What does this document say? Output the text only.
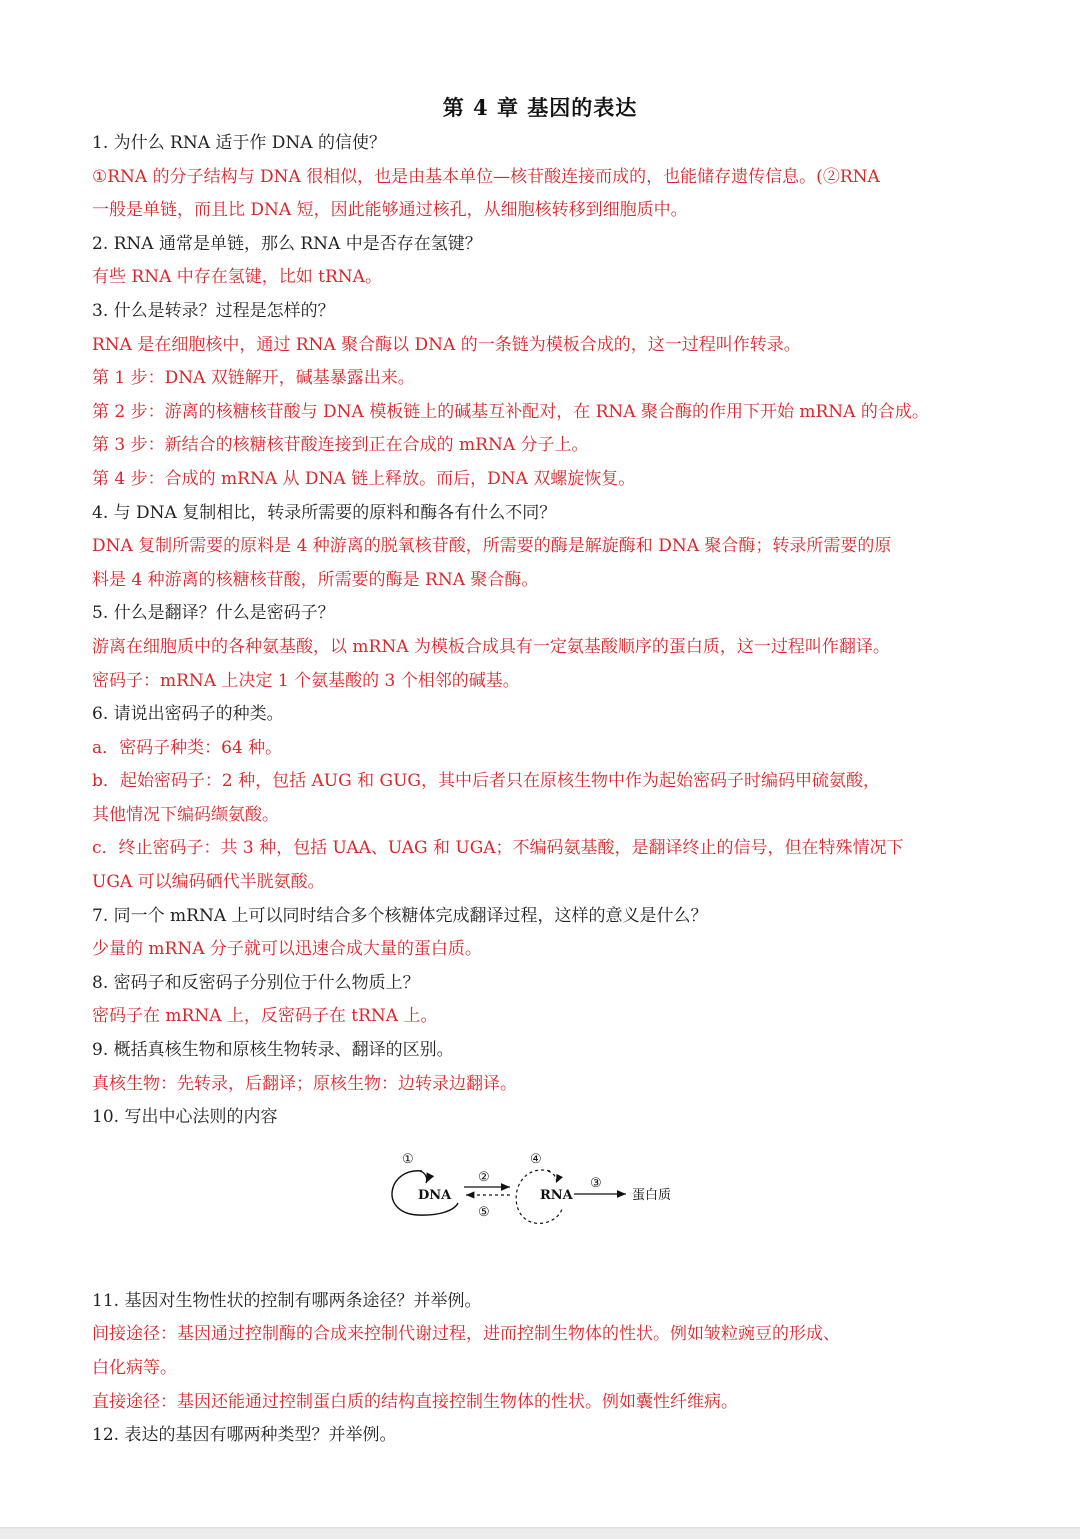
第 4 章 基因的表达
1. 为什么 RNA 适于作 DNA 的信使？
①RNA 的分子结构与 DNA 很相似，也是由基本单位—核苷酸连接而成的，也能储存遗传信息。(②RNA
一般是单链，而且比 DNA 短，因此能够通过核孔，从细胞核转移到细胞质中。
2. RNA 通常是单链，那么 RNA 中是否存在氢键？
有些 RNA 中存在氢键，比如 tRNA。
3. 什么是转录？过程是怎样的？
RNA 是在细胞核中，通过 RNA 聚合酶以 DNA 的一条链为模板合成的，这一过程叫作转录。
第 1 步：DNA 双链解开，碱基暴露出来。
第 2 步：游离的核糖核苷酸与 DNA 模板链上的碱基互补配对，在 RNA 聚合酶的作用下开始 mRNA 的合成。
第 3 步：新结合的核糖核苷酸连接到正在合成的 mRNA 分子上。
第 4 步：合成的 mRNA 从 DNA 链上释放。而后，DNA 双螺旋恢复。
4. 与 DNA 复制相比，转录所需要的原料和酶各有什么不同？
DNA 复制所需要的原料是 4 种游离的脱氧核苷酸，所需要的酶是解旋酶和 DNA 聚合酶；转录所需要的原
料是 4 种游离的核糖核苷酸，所需要的酶是 RNA 聚合酶。
5. 什么是翻译？什么是密码子？
游离在细胞质中的各种氨基酸，以 mRNA 为模板合成具有一定氨基酸顺序的蛋白质，这一过程叫作翻译。
密码子：mRNA 上决定 1 个氨基酸的 3 个相邻的碱基。
6. 请说出密码子的种类。
a．密码子种类：64 种。
b．起始密码子：2 种，包括 AUG 和 GUG，其中后者只在原核生物中作为起始密码子时编码甲硫氨酸，
其他情况下编码缬氨酸。
c．终止密码子：共 3 种，包括 UAA、UAG 和 UGA；不编码氨基酸，是翻译终止的信号，但在特殊情况下
UGA 可以编码硒代半胱氨酸。
7. 同一个 mRNA 上可以同时结合多个核糖体完成翻译过程，这样的意义是什么？
少量的 mRNA 分子就可以迅速合成大量的蛋白质。
8. 密码子和反密码子分别位于什么物质上？
密码子在 mRNA 上，反密码子在 tRNA 上。
9. 概括真核生物和原核生物转录、翻译的区别。
真核生物：先转录，后翻译；原核生物：边转录边翻译。
10. 写出中心法则的内容
①
DNA
②
⑤
④
RNA
③
蛋白质
11. 基因对生物性状的控制有哪两条途径？并举例。
间接途径：基因通过控制酶的合成来控制代谢过程，进而控制生物体的性状。例如皱粒豌豆的形成、
白化病等。
直接途径：基因还能通过控制蛋白质的结构直接控制生物体的性状。例如囊性纤维病。
12. 表达的基因有哪两种类型？并举例。
